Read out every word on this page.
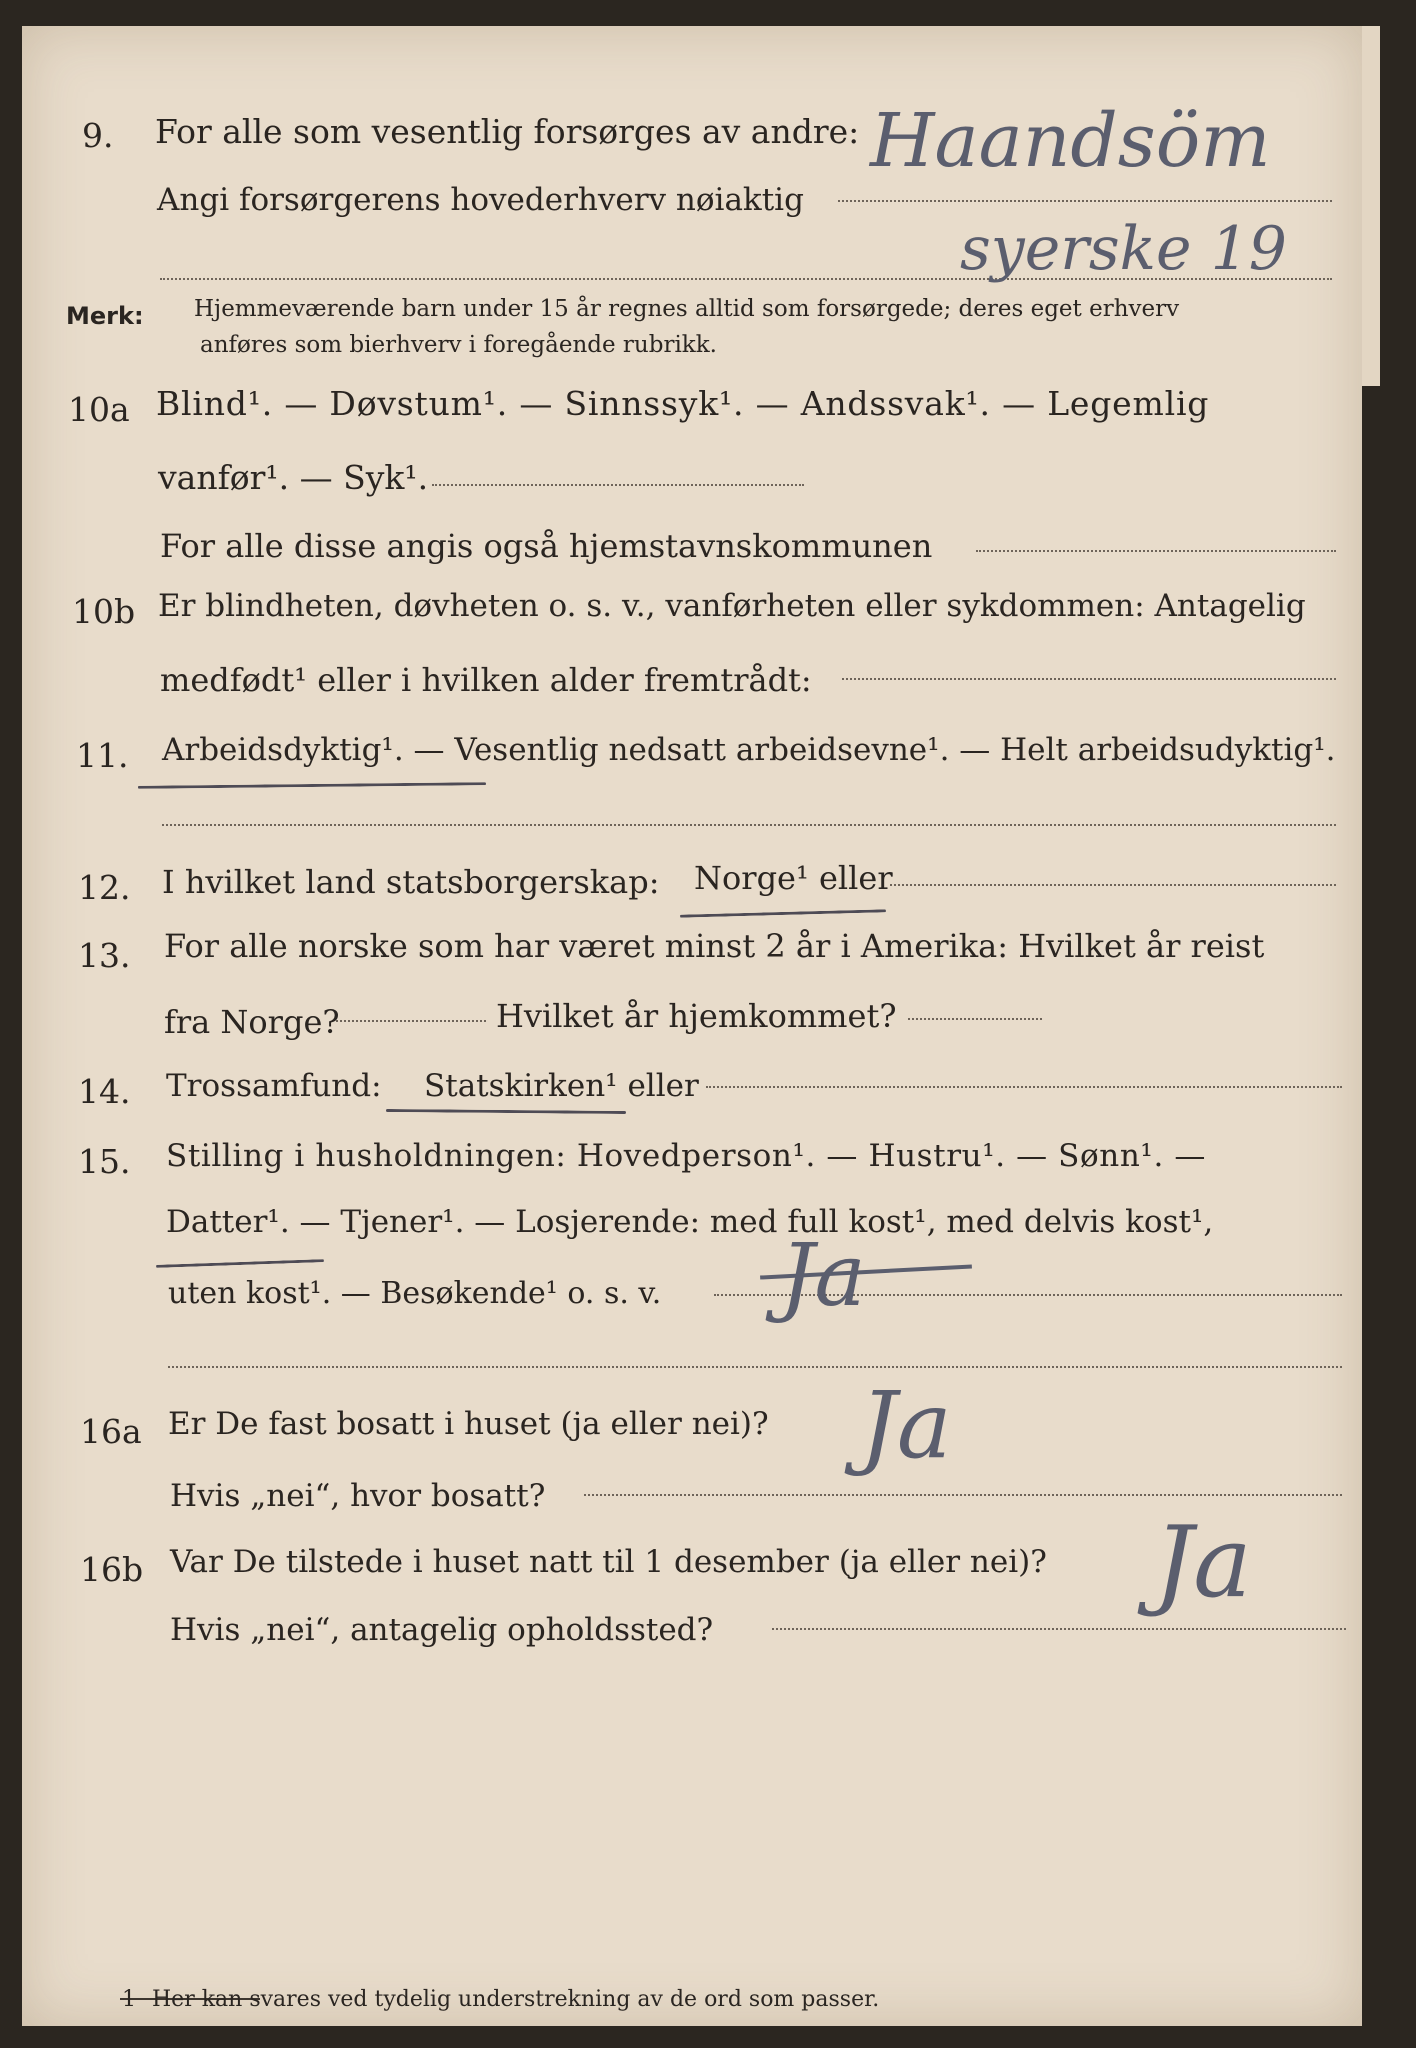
9.	For alle som vesentlig forsørges av andre:
Angi forsørgerens hovederhverv nøiaktig
Haandsöm
syerske 19
Merk: Hjemmeværende barn under 15 år regnes alltid som forsørgede; deres eget erhverv
anføres som bierhverv i foregående rubrikk.
10a Blind¹. — Døvstum¹. — Sinnssyk¹. — Andssvak¹. — Legemlig
vanfør¹. — Syk¹.
For alle disse angis også hjemstavnskommunen
10b Er blindheten, døvheten o. s. v., vanførheten eller sykdommen: Antagelig
medfødt¹ eller i hvilken alder fremtrådt:
11.	Arbeidsdyktig¹. — Vesentlig nedsatt arbeidsevne¹. — Helt arbeidsudyktig¹.
12. I hvilket land statsborgerskap: Norge¹ eller
13.	For alle norske som har været minst 2 år i Amerika: Hvilket år reist
fra Norge?	Hvilket år hjemkommet?
14.	Trossamfund: Statskirken¹ eller
15.	Stilling i husholdningen: Hovedperson¹. — Hustru¹. — Sønn¹. —
Datter¹. — Tjener¹. — Losjerende: med full kost¹, med delvis kost¹,
uten kost¹. — Besøkende¹ o. s. v. Ja
16a Er De fast bosatt i huset (ja eller nei)?
Hvis „nei“, hvor bosatt?
Ja
16b Var De tilstede i huset natt til 1 desember (ja eller nei)?
Hvis „nei“, antagelig opholdssted?
Ja
1 Her kan svares ved tydelig understrekning av de ord som passer.
